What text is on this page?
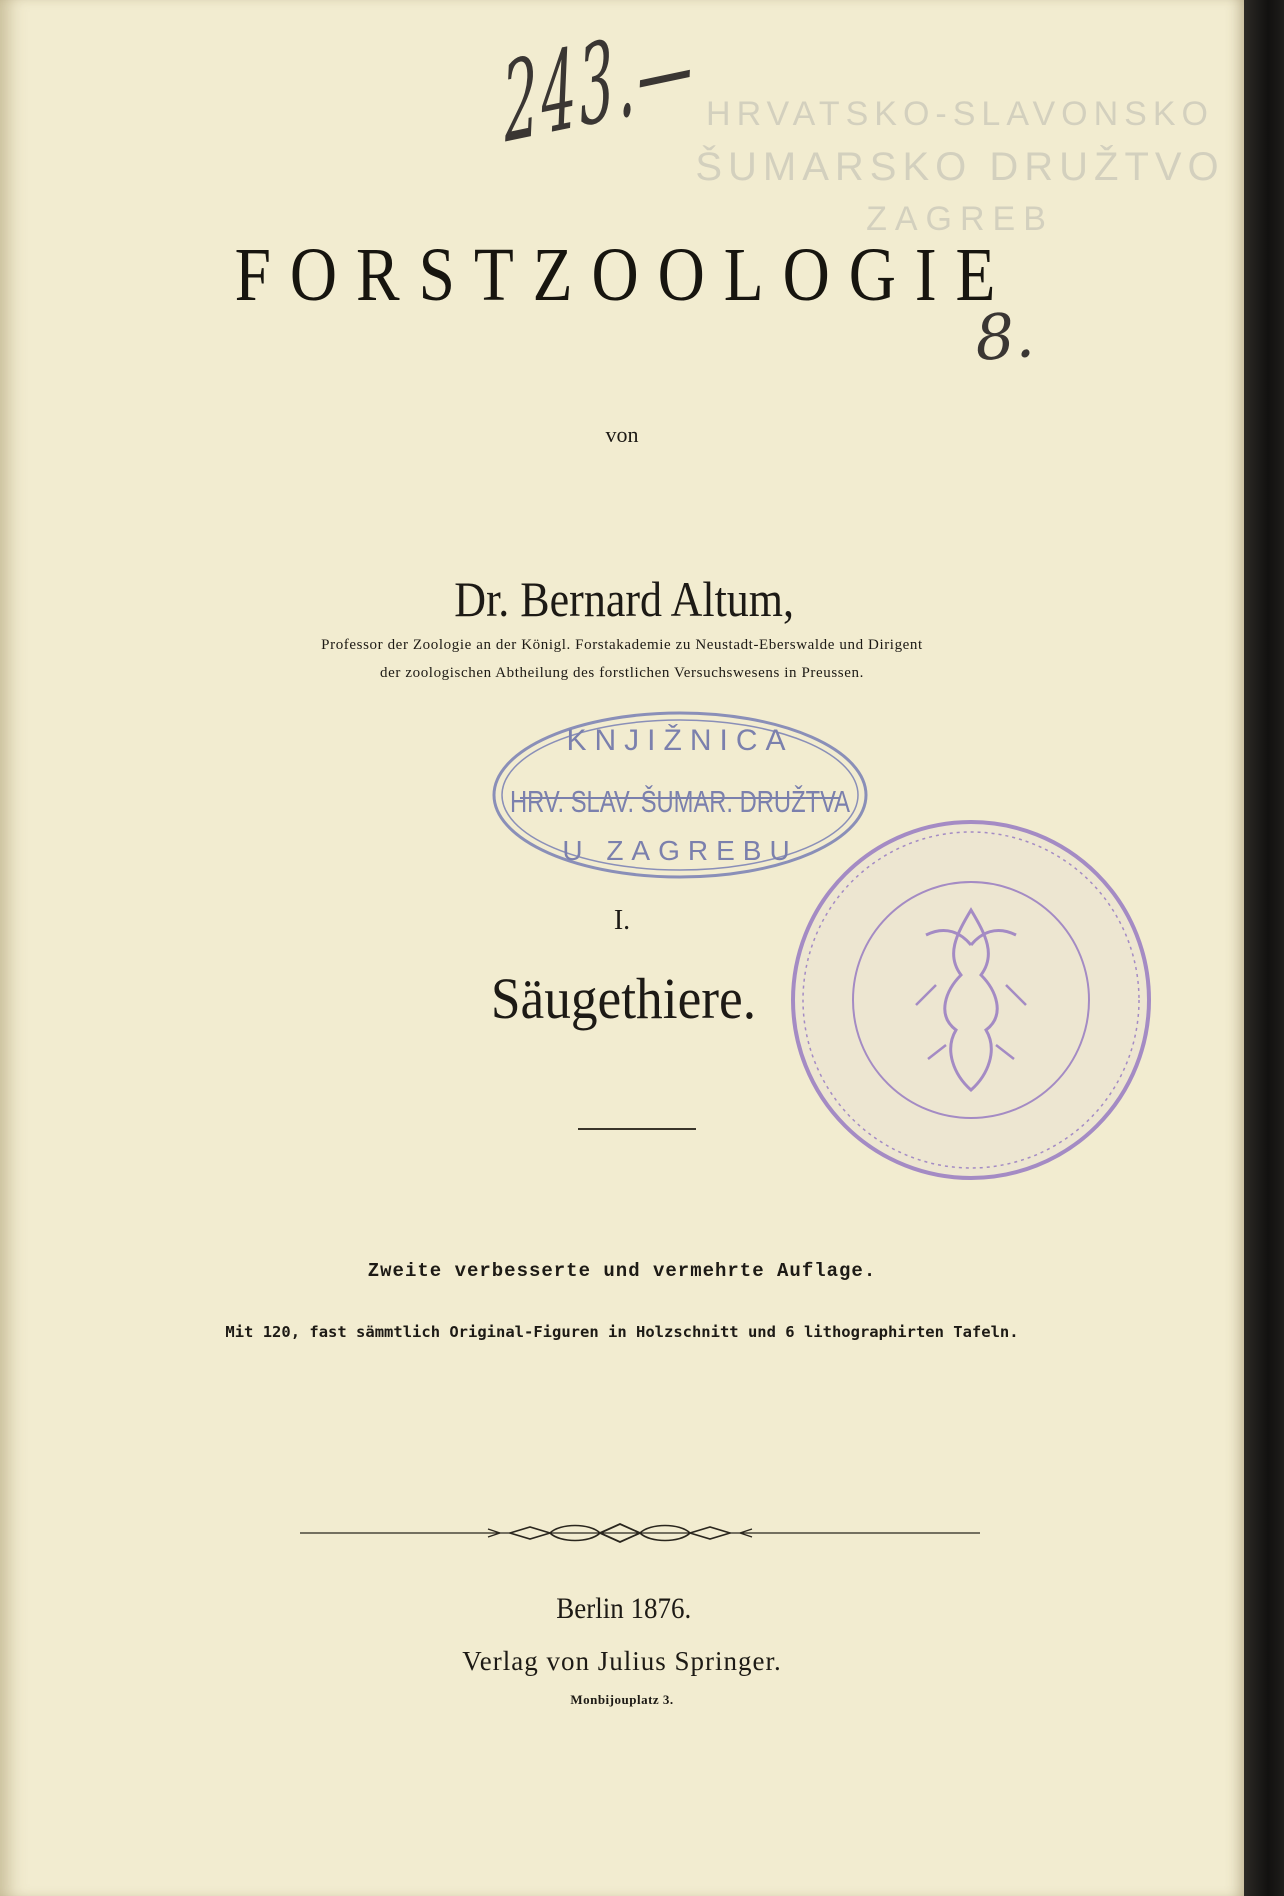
HRVATSKO-SLAVONSKO
ŠUMARSKO DRUŽTVO
ZAGREB
243.—
8.
FORSTZOOLOGIE
von
Dr. Bernard Altum,
Professor der Zoologie an der Königl. Forstakademie zu Neustadt-Eberswalde und Dirigent
der zoologischen Abtheilung des forstlichen Versuchswesens in Preussen.
KNJIŽNICA
HRV. SLAV. ŠUMAR. DRUŽTVA
U ZAGREBU
I.
Säugethiere.
Zweite verbesserte und vermehrte Auflage.
Mit 120, fast sämmtlich Original-Figuren in Holzschnitt und 6 lithographirten Tafeln.
Berlin 1876.
Verlag von Julius Springer.
Monbijouplatz 3.
